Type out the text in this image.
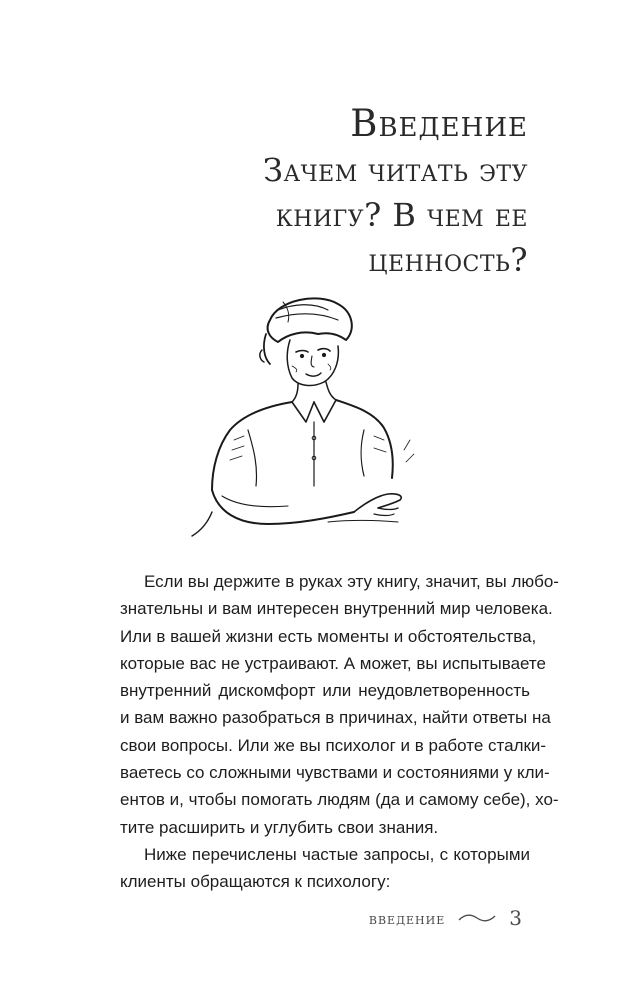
Введение
Зачем читать эту
книгу? В чем ее
ценность?

Если вы держите в руках эту книгу, значит, вы любо-
знательны и вам интересен внутренний мир человека.
Или в вашей жизни есть моменты и обстоятельства,
которые вас не устраивают. А может, вы испытываете
внутренний дискомфорт или неудовлетворенность
и вам важно разобраться в причинах, найти ответы на
свои вопросы. Или же вы психолог и в работе сталки-
ваетесь со сложными чувствами и состояниями у кли-
ентов и, чтобы помогать людям (да и самому себе), хо-
тите расширить и углубить свои знания.

Ниже перечислены частые запросы, с которыми
клиенты обращаются к психологу:

введение	3
